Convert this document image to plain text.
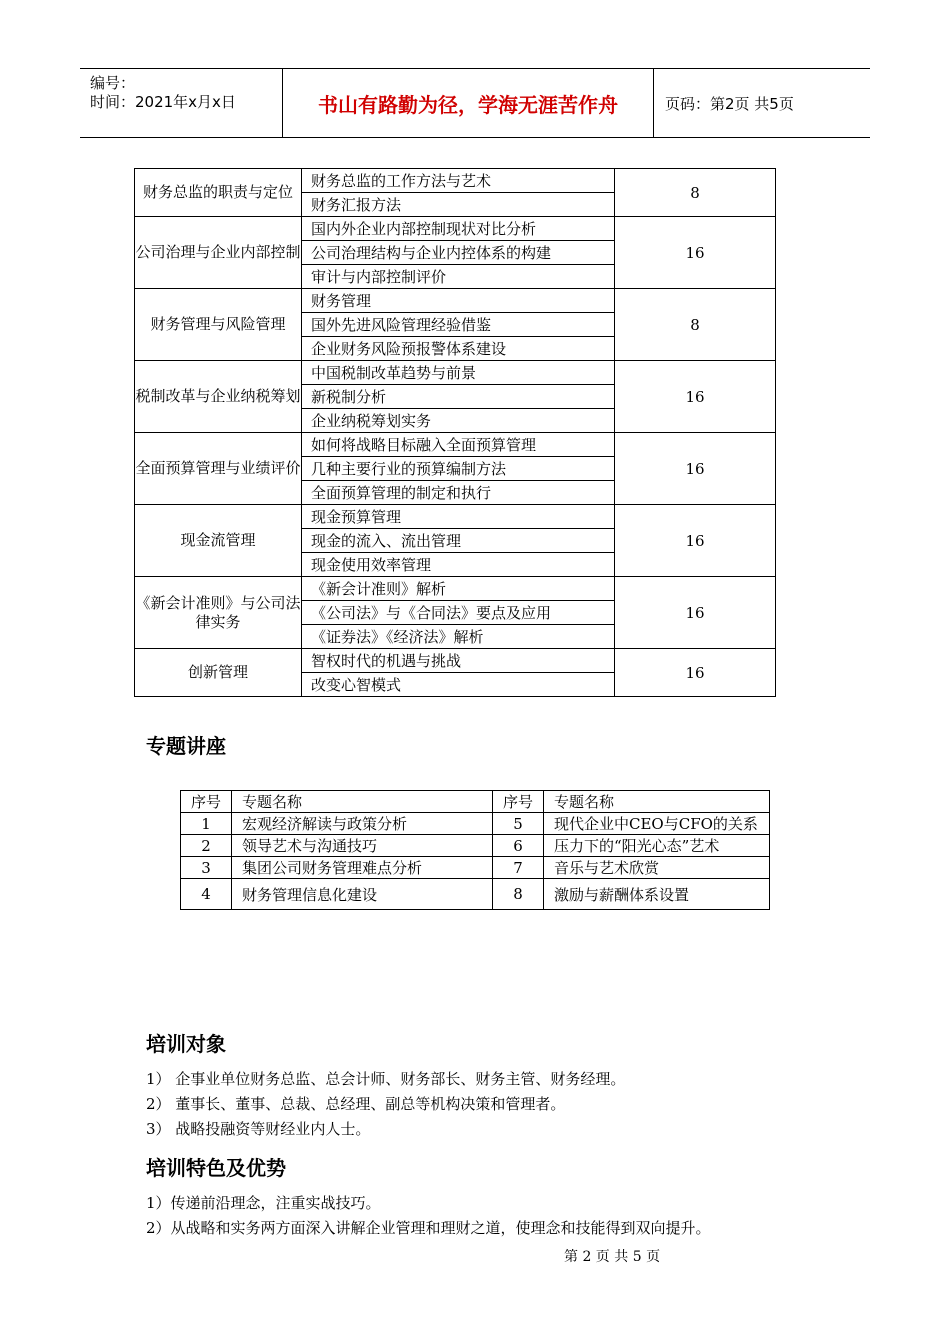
编号：
时间：2021年x月x日	书山有路勤为径，学海无涯苦作舟	页码：第2页 共5页
财务总监的职责与定位	财务总监的工作方法与艺术	8
	财务汇报方法	
公司治理与企业内部控制	国内外企业内部控制现状对比分析	16
	公司治理结构与企业内控体系的构建	
	审计与内部控制评价	
财务管理与风险管理	财务管理	8
	国外先进风险管理经验借鉴	
	企业财务风险预报警体系建设	
税制改革与企业纳税筹划	中国税制改革趋势与前景	16
	新税制分析	
	企业纳税筹划实务	
全面预算管理与业绩评价	如何将战略目标融入全面预算管理	16
	几种主要行业的预算编制方法	
	全面预算管理的制定和执行	
现金流管理	现金预算管理	16
	现金的流入、流出管理	
	现金使用效率管理	
《新会计准则》与公司法律实务	《新会计准则》解析	16
	《公司法》与《合同法》要点及应用	
	《证券法》《经济法》解析	
创新管理	智权时代的机遇与挑战	16
	改变心智模式	
专题讲座
序号	专题名称	序号	专题名称
1	宏观经济解读与政策分析	5	现代企业中CEO与CFO的关系
2	领导艺术与沟通技巧	6	压力下的“阳光心态”艺术
3	集团公司财务管理难点分析	7	音乐与艺术欣赏
4	财务管理信息化建设	8	激励与薪酬体系设置
培训对象
1） 企事业单位财务总监、总会计师、财务部长、财务主管、财务经理。
2） 董事长、董事、总裁、总经理、副总等机构决策和管理者。
3） 战略投融资等财经业内人士。
培训特色及优势
1）传递前沿理念，注重实战技巧。
2）从战略和实务两方面深入讲解企业管理和理财之道，使理念和技能得到双向提升。
第 2 页 共 5 页
